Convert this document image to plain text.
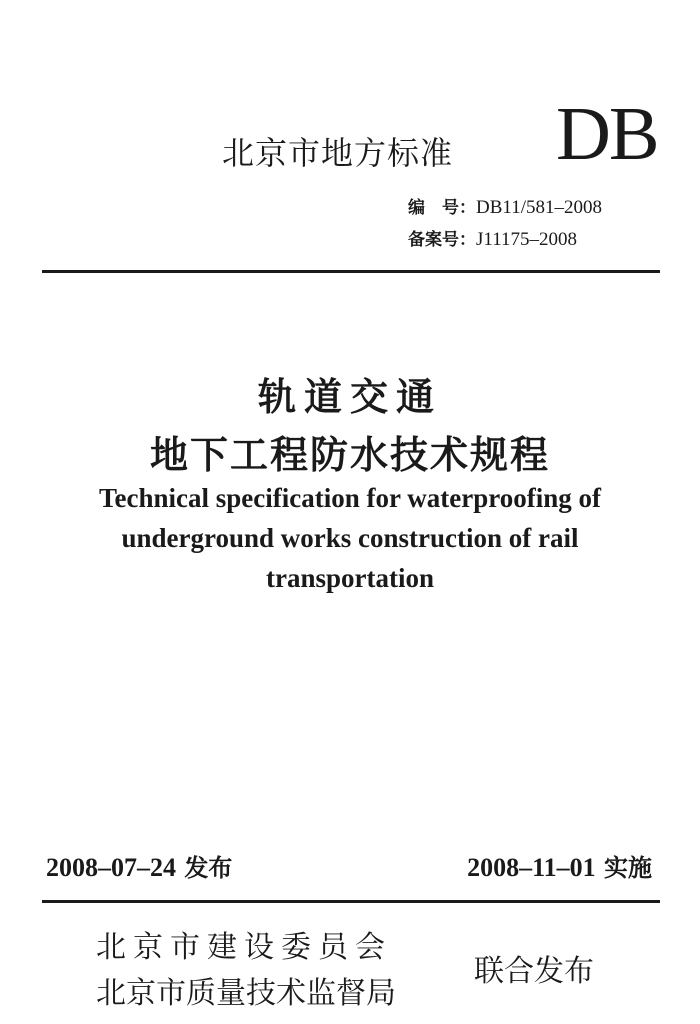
北京市地方标准 DB
编　号：DB11/581–2008
备案号：J11175–2008
轨道交通
地下工程防水技术规程
Technical specification for waterproofing of underground works construction of rail transportation
2008–07–24 发布	2008–11–01 实施
北京市建设委员会
北京市质量技术监督局
联合发布
